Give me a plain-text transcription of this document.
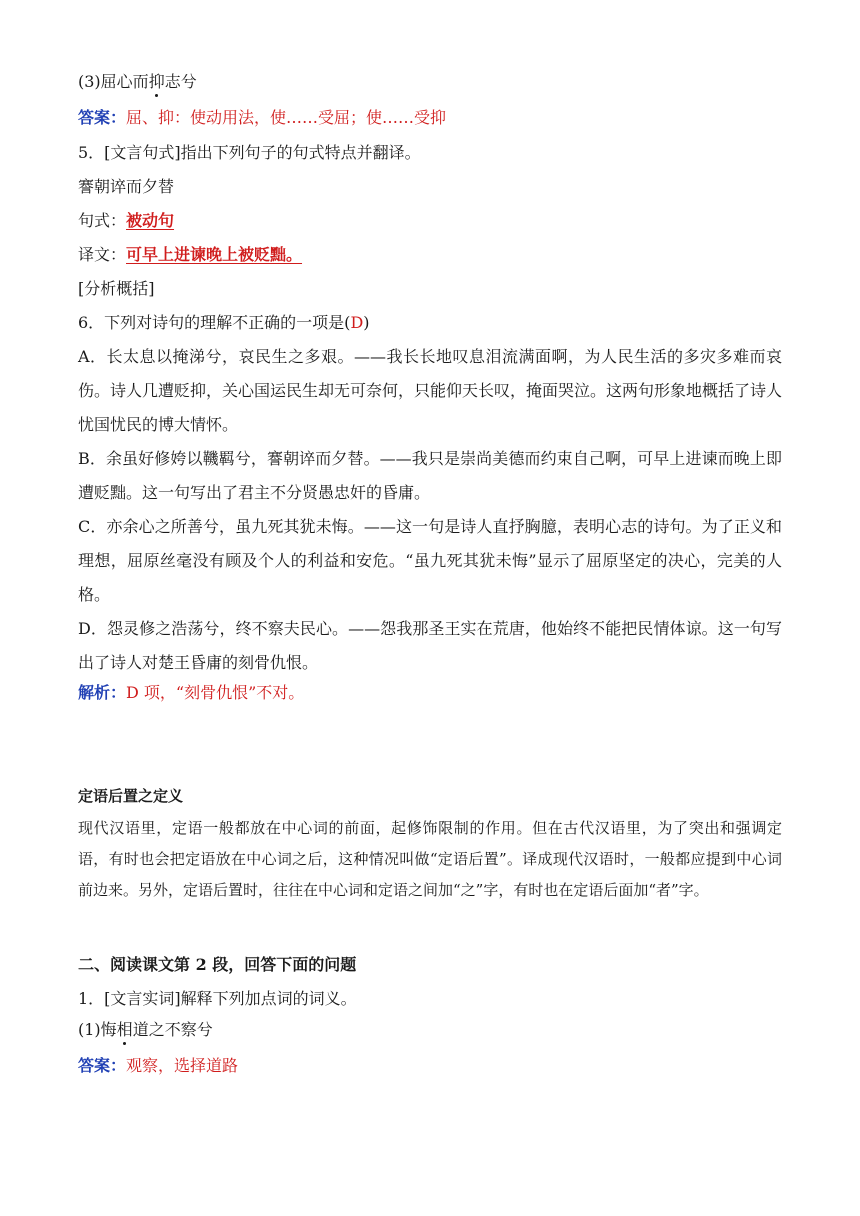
(3)屈心而抑志兮
答案：屈、抑：使动用法，使……受屈；使……受抑
5．[文言句式]指出下列句子的句式特点并翻译。
謇朝谇而夕替
句式：被动句
译文：可早上进谏晚上被贬黜。
[分析概括]
6．下列对诗句的理解不正确的一项是(D)
A．长太息以掩涕兮，哀民生之多艰。——我长长地叹息泪流满面啊，为人民生活的多灾多难而哀伤。诗人几遭贬抑，关心国运民生却无可奈何，只能仰天长叹，掩面哭泣。这两句形象地概括了诗人忧国忧民的博大情怀。
B．余虽好修姱以鞿羁兮，謇朝谇而夕替。——我只是崇尚美德而约束自己啊，可早上进谏而晚上即遭贬黜。这一句写出了君主不分贤愚忠奸的昏庸。
C．亦余心之所善兮，虽九死其犹未悔。——这一句是诗人直抒胸臆，表明心志的诗句。为了正义和理想，屈原丝毫没有顾及个人的利益和安危。“虽九死其犹未悔”显示了屈原坚定的决心，完美的人格。
D．怨灵修之浩荡兮，终不察夫民心。——怨我那圣王实在荒唐，他始终不能把民情体谅。这一句写出了诗人对楚王昏庸的刻骨仇恨。
解析：D 项，“刻骨仇恨”不对。
定语后置之定义
现代汉语里，定语一般都放在中心词的前面，起修饰限制的作用。但在古代汉语里，为了突出和强调定语，有时也会把定语放在中心词之后，这种情况叫做“定语后置”。译成现代汉语时，一般都应提到中心词前边来。另外，定语后置时，往往在中心词和定语之间加“之”字，有时也在定语后面加“者”字。
二、阅读课文第 2 段，回答下面的问题
1．[文言实词]解释下列加点词的词义。
(1)悔相道之不察兮
答案：观察，选择道路
